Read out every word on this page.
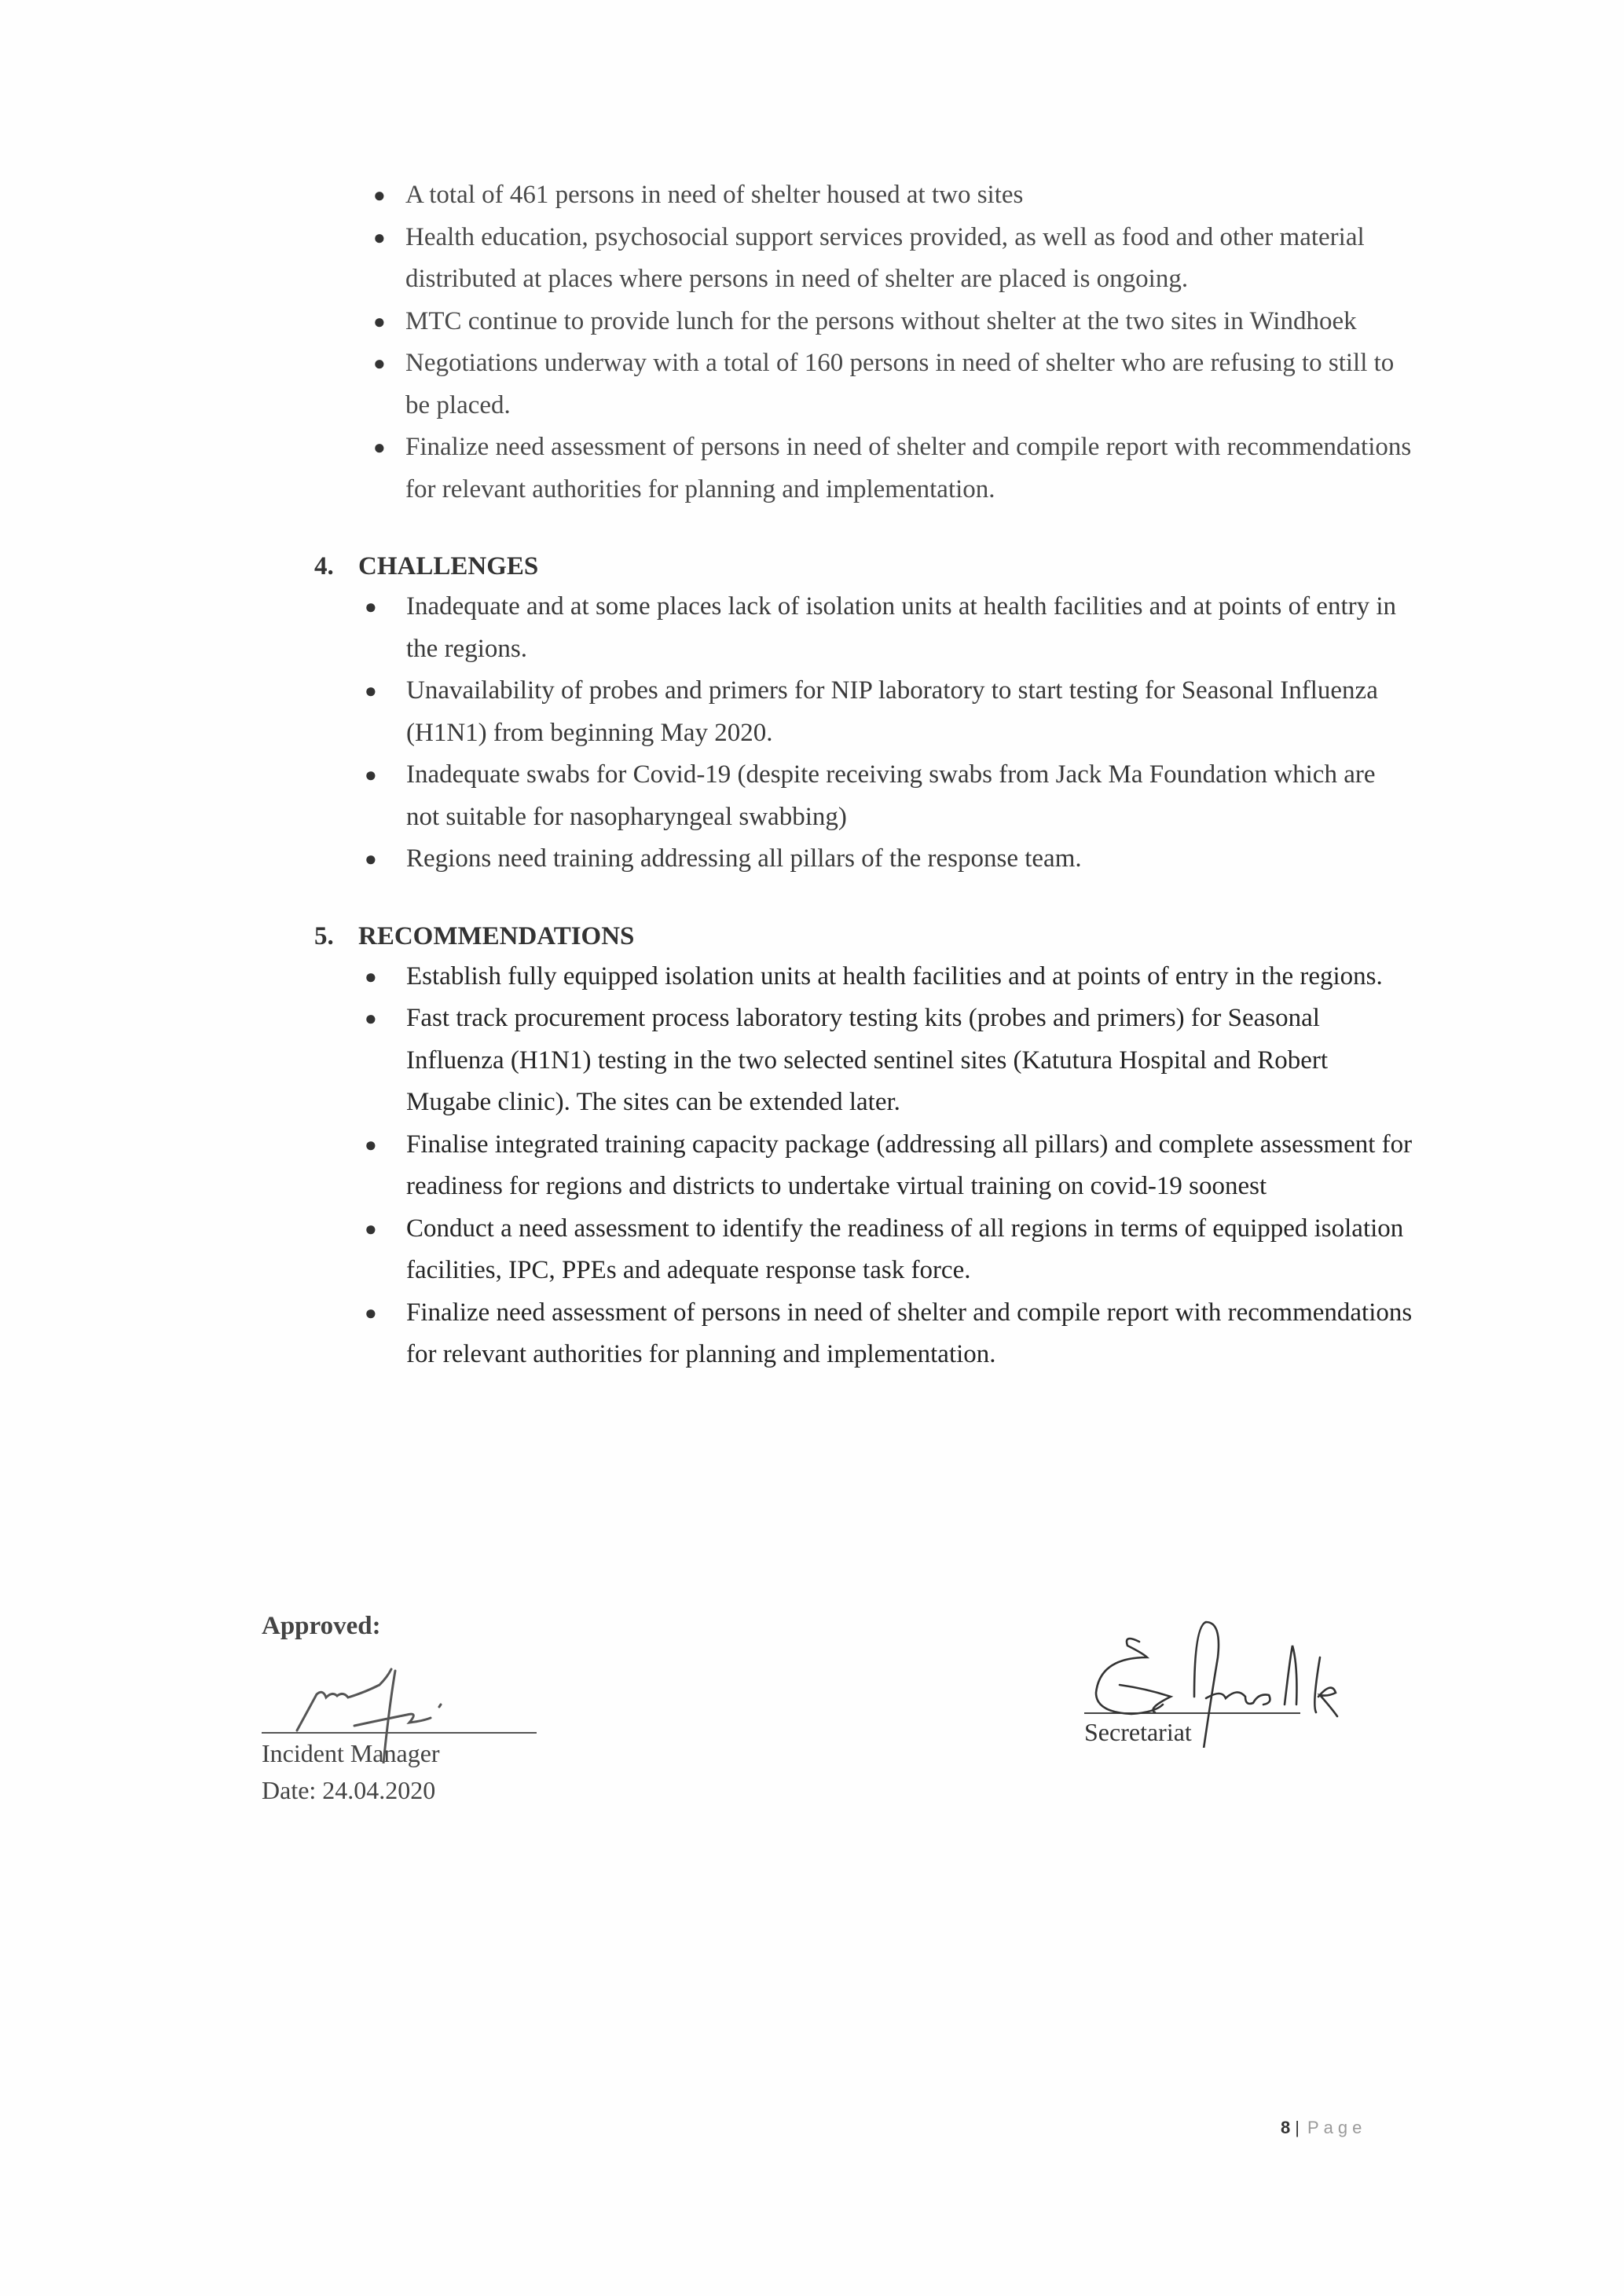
● A total of 461 persons in need of shelter housed at two sites
● Health education, psychosocial support services provided, as well as food and other material distributed at places where persons in need of shelter are placed is ongoing.
● MTC continue to provide lunch for the persons without shelter at the two sites in Windhoek
● Negotiations underway with a total of 160 persons in need of shelter who are refusing to still to be placed.
● Finalize need assessment of persons in need of shelter and compile report with recommendations for relevant authorities for planning and implementation.
4. CHALLENGES
● Inadequate and at some places lack of isolation units at health facilities and at points of entry in the regions.
● Unavailability of probes and primers for NIP laboratory to start testing for Seasonal Influenza (H1N1) from beginning May 2020.
● Inadequate swabs for Covid-19 (despite receiving swabs from Jack Ma Foundation which are not suitable for nasopharyngeal swabbing)
● Regions need training addressing all pillars of the response team.
5. RECOMMENDATIONS
● Establish fully equipped isolation units at health facilities and at points of entry in the regions.
● Fast track procurement process laboratory testing kits (probes and primers) for Seasonal Influenza (H1N1) testing in the two selected sentinel sites (Katutura Hospital and Robert Mugabe clinic). The sites can be extended later.
● Finalise integrated training capacity package (addressing all pillars) and complete assessment for readiness for regions and districts to undertake virtual training on covid-19 soonest
● Conduct a need assessment to identify the readiness of all regions in terms of equipped isolation facilities, IPC, PPEs and adequate response task force.
● Finalize need assessment of persons in need of shelter and compile report with recommendations for relevant authorities for planning and implementation.
Approved:
Incident Manager
Date: 24.04.2020
Secretariat
8 | Page
